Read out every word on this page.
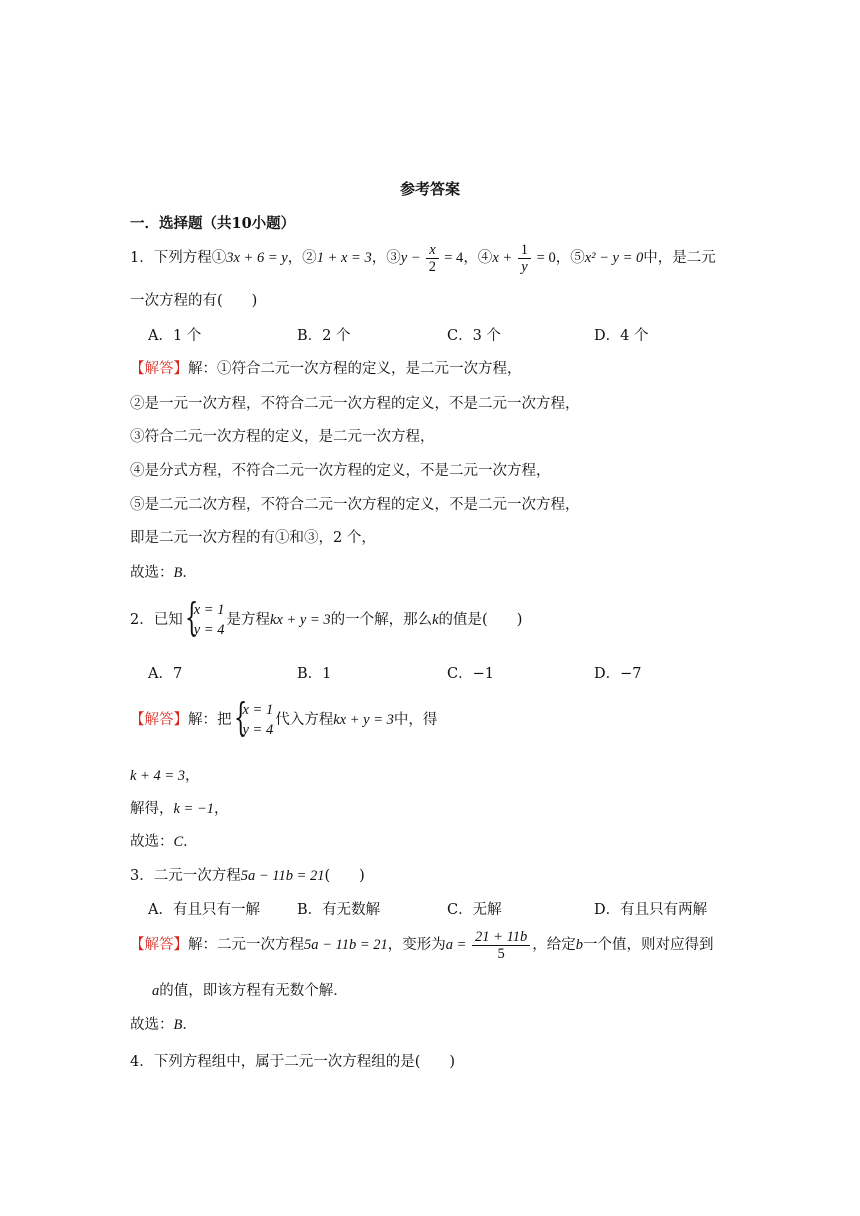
参考答案
一．选择题（共10小题）
1．下列方程①3x + 6 = y，②1 + x = 3，③y − $\frac{x}{2} = 4$，④x + $\frac{1}{y} = 0$，⑤x² − y = 0中，是二元
一次方程的有(　　)
A．1 个	B．2 个	C．3 个	D．4 个
【解答】解：①符合二元一次方程的定义，是二元一次方程，
②是一元一次方程，不符合二元一次方程的定义，不是二元一次方程，
③符合二元一次方程的定义，是二元一次方程，
④是分式方程，不符合二元一次方程的定义，不是二元一次方程，
⑤是二元二次方程，不符合二元一次方程的定义，不是二元一次方程，
即是二元一次方程的有①和③，2 个，
故选：B．
2．已知 {
x = 1
y = 4
是方程kx + y = 3的一个解，那么k的值是(　　)
A．7	B．1	C．−1	D．−7
【解答】解：把 {
x = 1
y = 4
代入方程kx + y = 3中，得
k + 4 = 3，
解得，k = −1，
故选：C．
3．二元一次方程5a − 11b = 21(　　)
A．有且只有一解	B．有无数解	C．无解	D．有且只有两解
【解答】解：二元一次方程5a − 11b = 21，变形为$a = \frac{21 + 11b}{5}$ ，给定b一个值，则对应得到
a的值，即该方程有无数个解．
故选：B．
4．下列方程组中，属于二元一次方程组的是(　　)
